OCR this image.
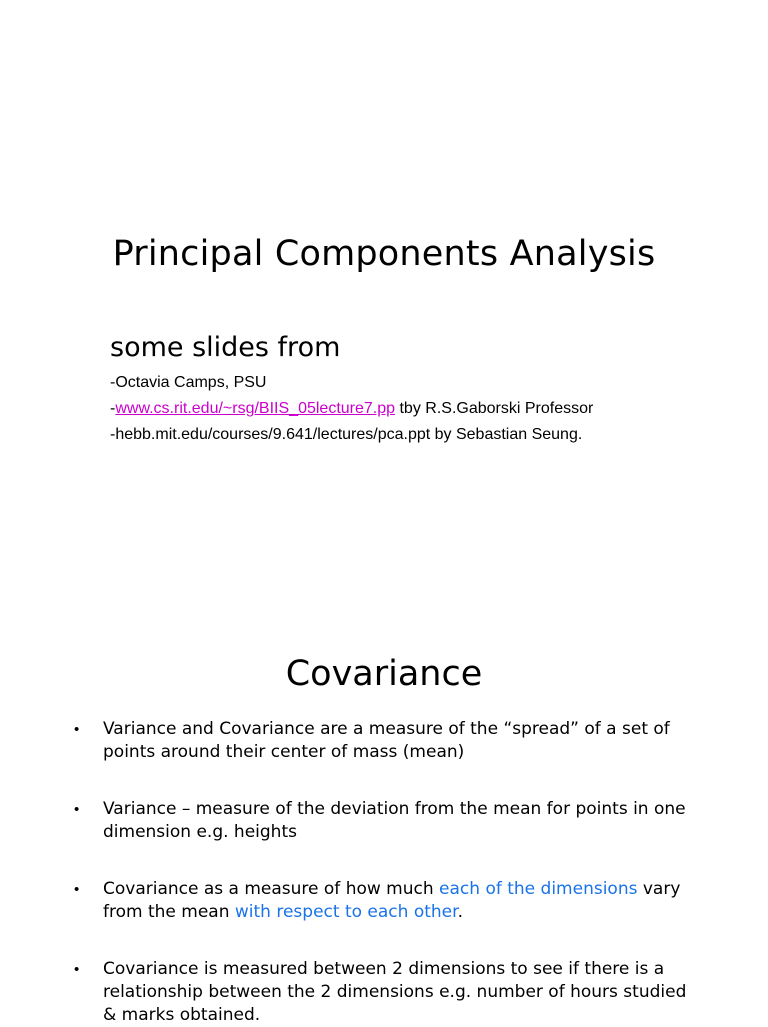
Principal Components Analysis
some slides from
-Octavia Camps, PSU
-www.cs.rit.edu/~rsg/BIIS_05lecture7.pp tby R.S.Gaborski Professor
-hebb.mit.edu/courses/9.641/lectures/pca.ppt by Sebastian Seung.
Covariance
• Variance and Covariance are a measure of the “spread” of a set of points around their center of mass (mean)
• Variance – measure of the deviation from the mean for points in one dimension e.g. heights
• Covariance as a measure of how much each of the dimensions vary from the mean with respect to each other.
• Covariance is measured between 2 dimensions to see if there is a relationship between the 2 dimensions e.g. number of hours studied & marks obtained.
